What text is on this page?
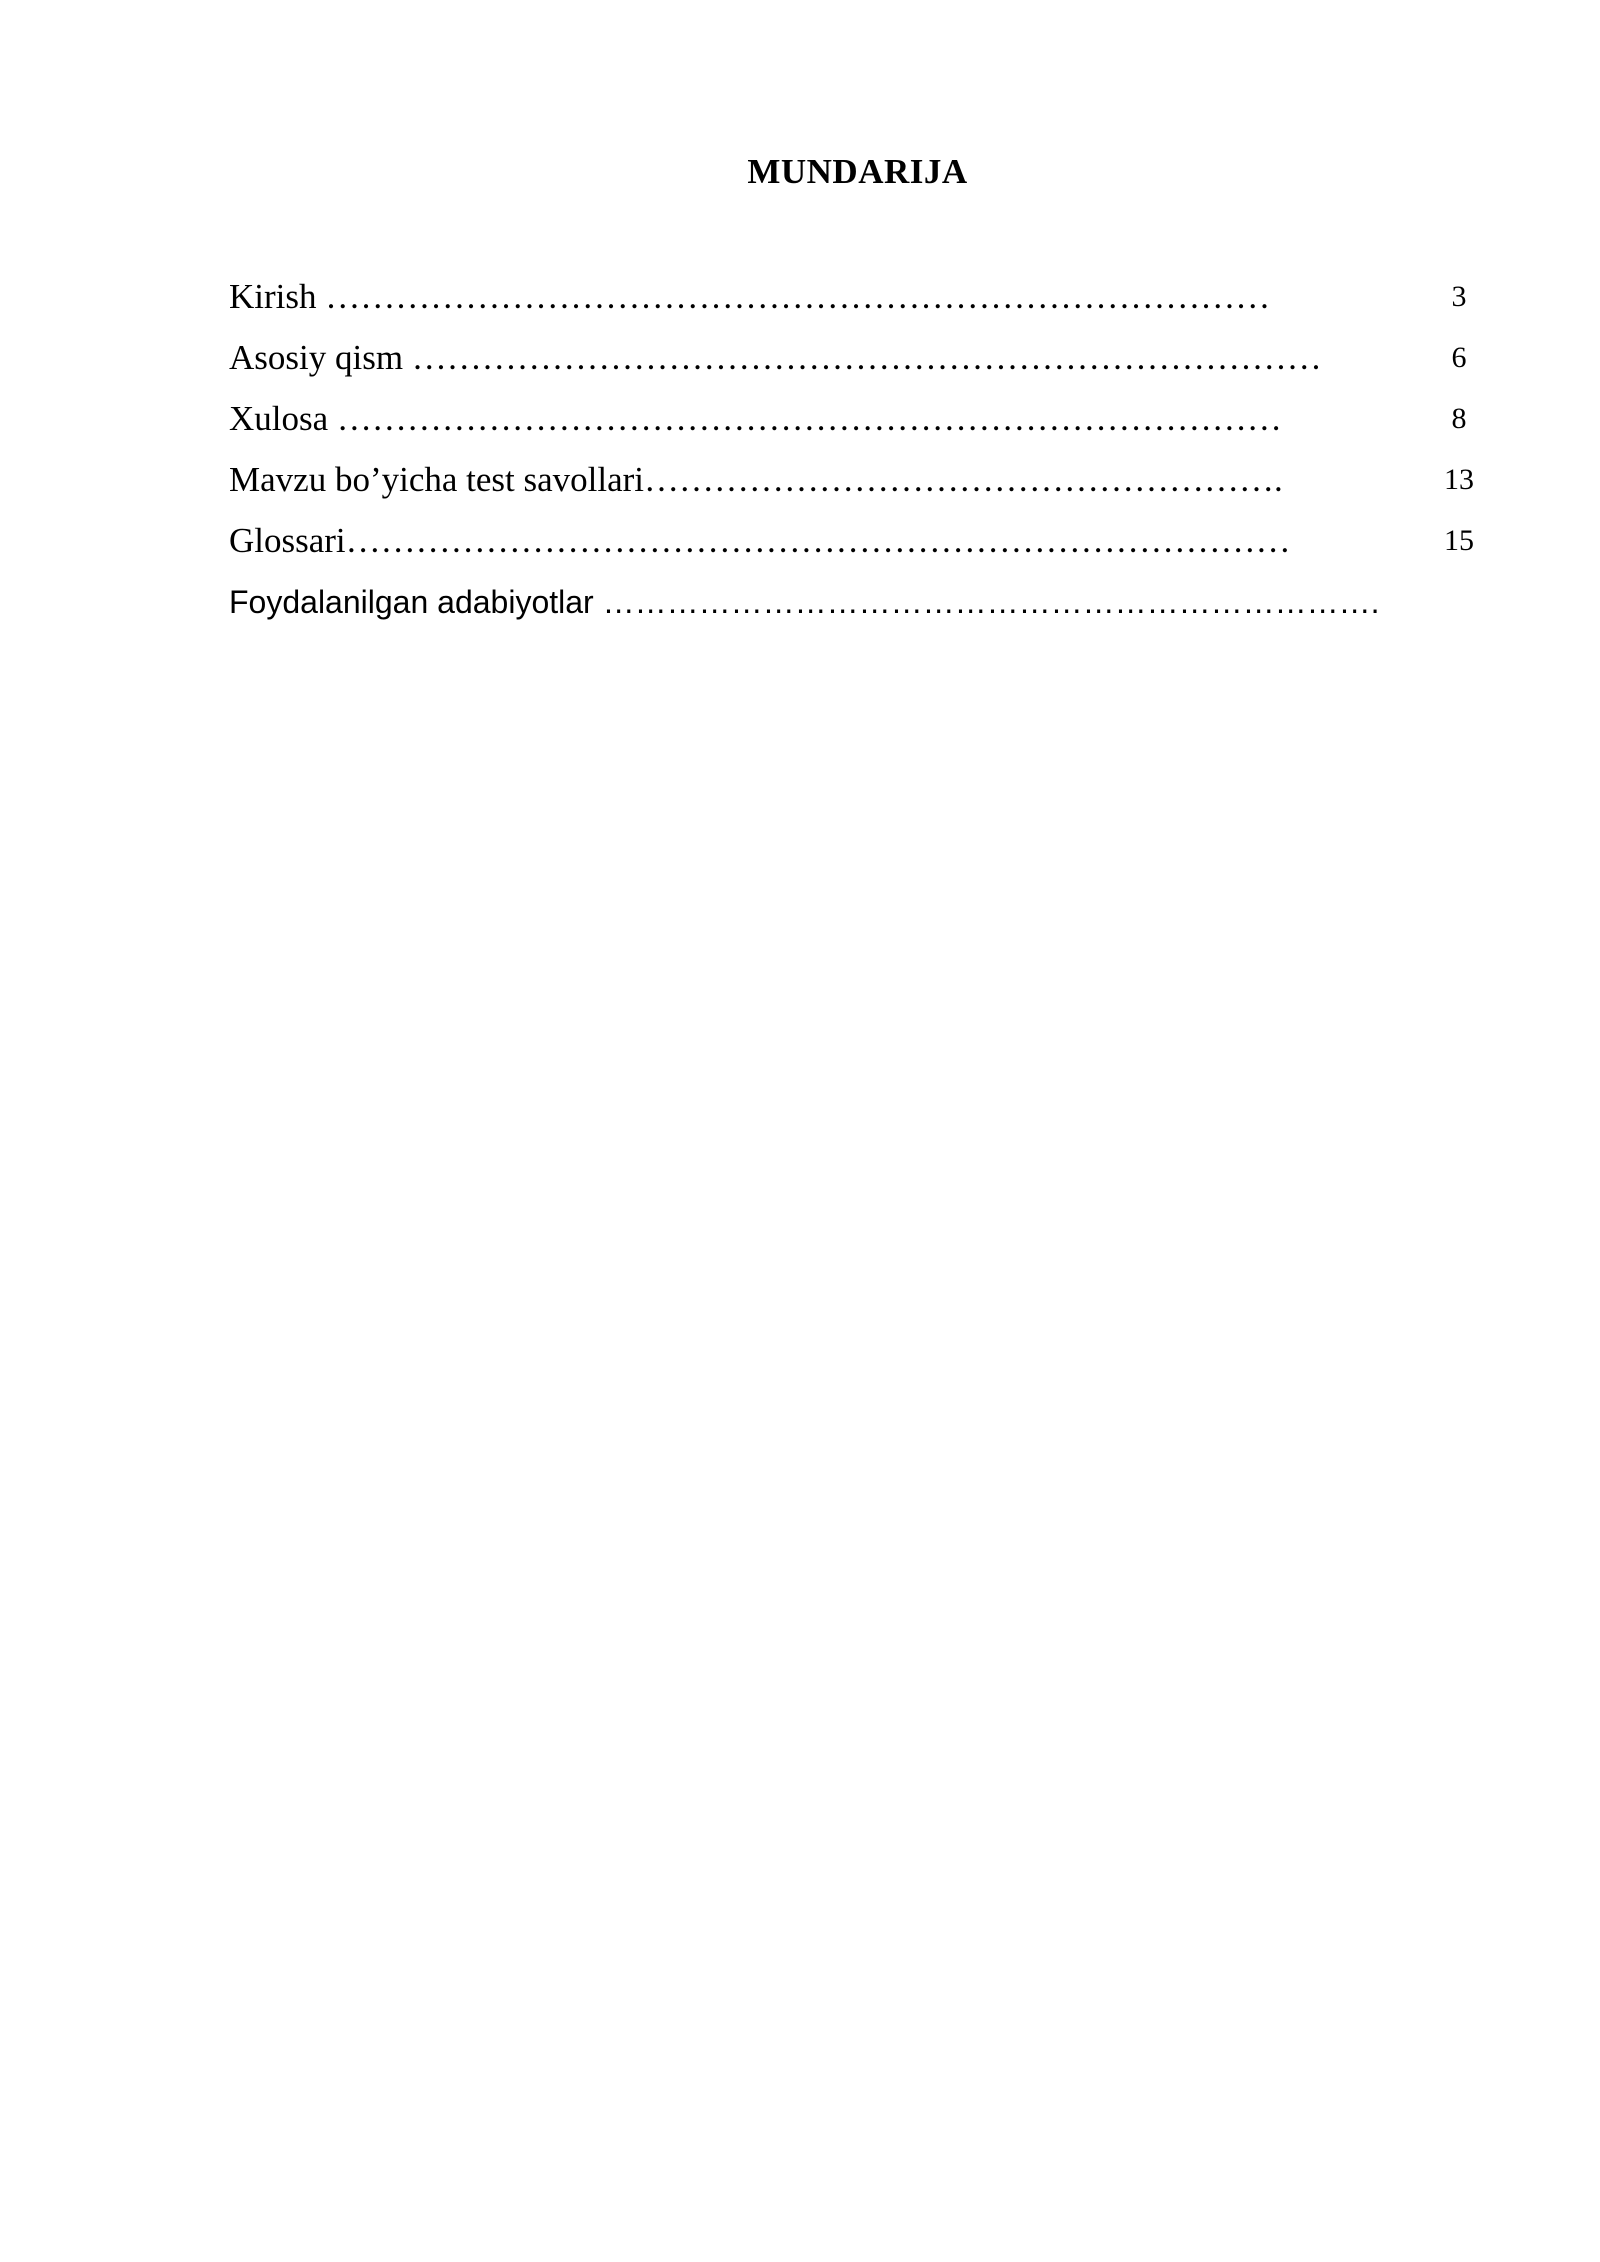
MUNDARIJA
Kirish ………………………………………………………………………	3
Asosiy qism ……………………………………………………………………	6
Xulosa ………………………………………………………………………	8
Mavzu bo’yicha test savollari……………………………………………….	13
Glossari………………………………………………………………………	15
Foydalanilgan adabiyotlar ……………………………………………………………….
